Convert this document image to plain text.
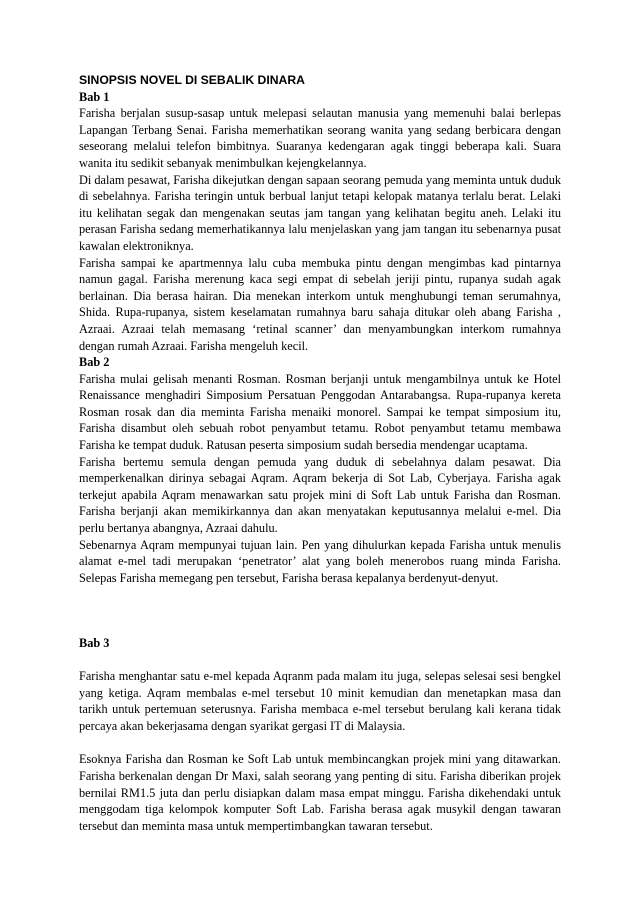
SINOPSIS NOVEL DI SEBALIK DINARA

Bab 1

Farisha berjalan susup-sasap untuk melepasi selautan manusia yang memenuhi balai berlepas Lapangan Terbang Senai. Farisha memerhatikan seorang wanita yang sedang berbicara dengan seseorang melalui telefon bimbitnya. Suaranya kedengaran agak tinggi beberapa kali. Suara wanita itu sedikit sebanyak menimbulkan kejengkelannya.

Di dalam pesawat, Farisha dikejutkan dengan sapaan seorang pemuda yang meminta untuk duduk di sebelahnya. Farisha teringin untuk berbual lanjut tetapi kelopak matanya terlalu berat. Lelaki itu kelihatan segak dan mengenakan seutas jam tangan yang kelihatan begitu aneh. Lelaki itu perasan Farisha sedang memerhatikannya lalu menjelaskan yang jam tangan itu sebenarnya pusat kawalan elektroniknya.

Farisha sampai ke apartmennya lalu cuba membuka pintu dengan mengimbas kad pintarnya namun gagal. Farisha merenung kaca segi empat di sebelah jeriji pintu, rupanya sudah agak berlainan. Dia berasa hairan. Dia menekan interkom untuk menghubungi teman serumahnya, Shida. Rupa-rupanya, sistem keselamatan rumahnya baru sahaja ditukar oleh abang Farisha , Azraai. Azraai telah memasang ‘retinal scanner’ dan menyambungkan interkom rumahnya dengan rumah Azraai. Farisha mengeluh kecil.

Bab 2

Farisha mulai gelisah menanti Rosman. Rosman berjanji untuk mengambilnya untuk ke Hotel Renaissance menghadiri Simposium Persatuan Penggodan Antarabangsa. Rupa-rupanya kereta Rosman rosak dan dia meminta Farisha menaiki monorel. Sampai ke tempat simposium itu, Farisha disambut oleh sebuah robot penyambut tetamu. Robot penyambut tetamu membawa Farisha ke tempat duduk. Ratusan peserta simposium sudah bersedia mendengar ucaptama.

Farisha bertemu semula dengan pemuda yang duduk di sebelahnya dalam pesawat. Dia memperkenalkan dirinya sebagai Aqram. Aqram bekerja di Sot Lab, Cyberjaya. Farisha agak terkejut apabila Aqram menawarkan satu projek mini di Soft Lab untuk Farisha dan Rosman. Farisha berjanji akan memikirkannya dan akan menyatakan keputusannya melalui e-mel. Dia perlu bertanya abangnya, Azraai dahulu.

Sebenarnya Aqram mempunyai tujuan lain. Pen yang dihulurkan kepada Farisha untuk menulis alamat e-mel tadi merupakan ‘penetrator’ alat yang boleh menerobos ruang minda Farisha. Selepas Farisha memegang pen tersebut, Farisha berasa kepalanya berdenyut-denyut.

Bab 3

Farisha menghantar satu e-mel kepada Aqranm pada malam itu juga, selepas selesai sesi bengkel yang ketiga. Aqram membalas e-mel tersebut 10 minit kemudian dan menetapkan masa dan tarikh untuk pertemuan seterusnya. Farisha membaca e-mel tersebut berulang kali kerana tidak percaya akan bekerjasama dengan syarikat gergasi IT di Malaysia.

Esoknya Farisha dan Rosman ke Soft Lab untuk membincangkan projek mini yang ditawarkan. Farisha berkenalan dengan Dr Maxi, salah seorang yang penting di situ. Farisha diberikan projek bernilai RM1.5 juta dan perlu disiapkan dalam masa empat minggu. Farisha dikehendaki untuk menggodam tiga kelompok komputer Soft Lab. Farisha berasa agak musykil dengan tawaran tersebut dan meminta masa untuk mempertimbangkan tawaran tersebut.
